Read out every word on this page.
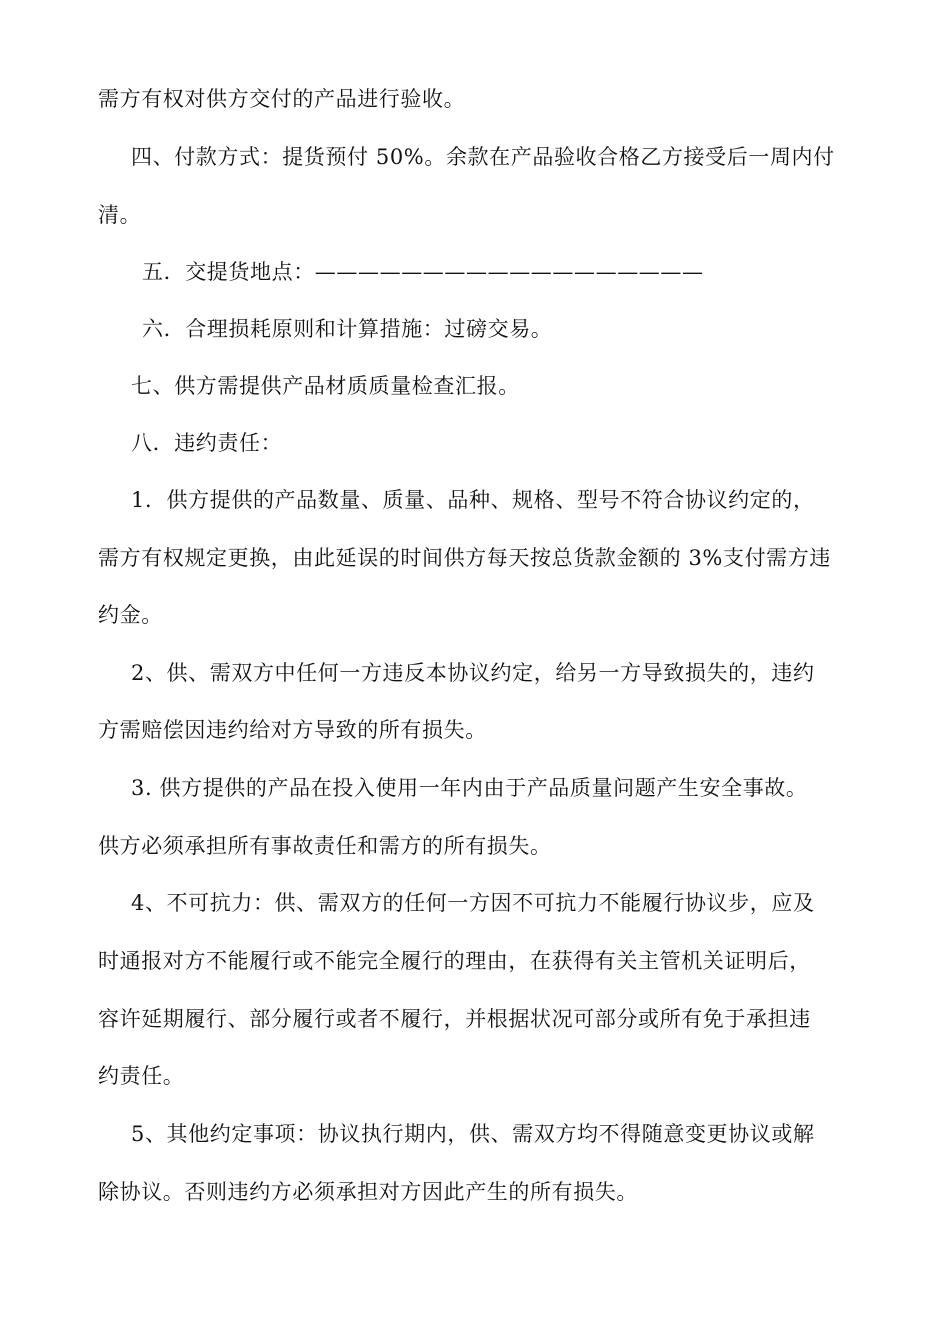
需方有权对供方交付的产品进行验收。
四、付款方式：提货预付 50%。余款在产品验收合格乙方接受后一周内付
清。
五．交提货地点：——————————————————
六．合理损耗原则和计算措施：过磅交易。
七、供方需提供产品材质质量检查汇报。
八．违约责任：
1．供方提供的产品数量、质量、品种、规格、型号不符合协议约定的，
需方有权规定更换，由此延误的时间供方每天按总货款金额的 3%支付需方违
约金。
2、供、需双方中任何一方违反本协议约定，给另一方导致损失的，违约
方需赔偿因违约给对方导致的所有损失。
3. 供方提供的产品在投入使用一年内由于产品质量问题产生安全事故。
供方必须承担所有事故责任和需方的所有损失。
4、不可抗力：供、需双方的任何一方因不可抗力不能履行协议步，应及
时通报对方不能履行或不能完全履行的理由，在获得有关主管机关证明后，
容许延期履行、部分履行或者不履行，并根据状况可部分或所有免于承担违
约责任。
5、其他约定事项：协议执行期内，供、需双方均不得随意变更协议或解
除协议。否则违约方必须承担对方因此产生的所有损失。
